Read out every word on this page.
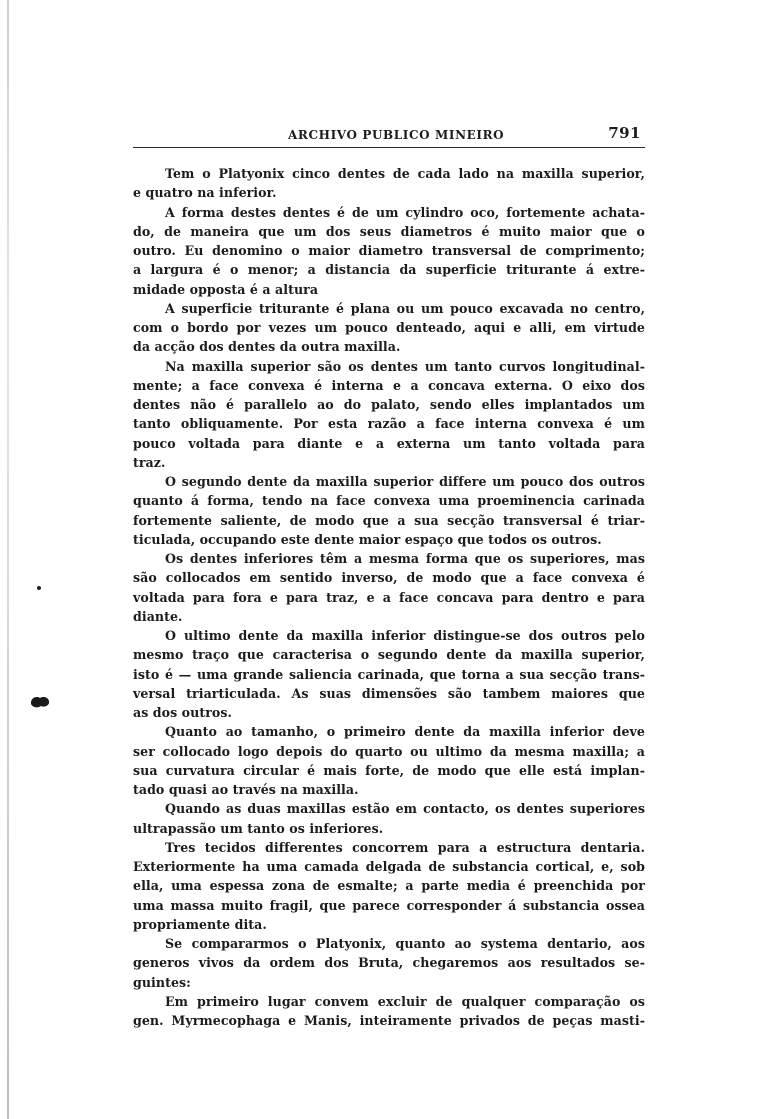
ARCHIVO PUBLICO MINEIRO	791
Tem o Platyonix cinco dentes de cada lado na maxilla superior,
e quatro na inferior.
A forma destes dentes é de um cylindro oco, fortemente achata-
do, de maneira que um dos seus diametros é muito maior que o
outro. Eu denomino o maior diametro transversal de comprimento;
a largura é o menor; a distancia da superficie triturante á extre-
midade opposta é a altura
A superficie triturante é plana ou um pouco excavada no centro,
com o bordo por vezes um pouco denteado, aqui e alli, em virtude
da acção dos dentes da outra maxilla.
Na maxilla superior são os dentes um tanto curvos longitudinal-
mente; a face convexa é interna e a concava externa. O eixo dos
dentes não é parallelo ao do palato, sendo elles implantados um
tanto obliquamente. Por esta razão a face interna convexa é um
pouco voltada para diante e a externa um tanto voltada para
traz.
O segundo dente da maxilla superior differe um pouco dos outros
quanto á forma, tendo na face convexa uma proeminencia carinada
fortemente saliente, de modo que a sua secção transversal é triar-
ticulada, occupando este dente maior espaço que todos os outros.
Os dentes inferiores têm a mesma forma que os superiores, mas
são collocados em sentido inverso, de modo que a face convexa é
voltada para fora e para traz, e a face concava para dentro e para
diante.
O ultimo dente da maxilla inferior distingue-se dos outros pelo
mesmo traço que caracterisa o segundo dente da maxilla superior,
isto é — uma grande saliencia carinada, que torna a sua secção trans-
versal triarticulada. As suas dimensões são tambem maiores que
as dos outros.
Quanto ao tamanho, o primeiro dente da maxilla inferior deve
ser collocado logo depois do quarto ou ultimo da mesma maxilla; a
sua curvatura circular é mais forte, de modo que elle está implan-
tado quasi ao través na maxilla.
Quando as duas maxillas estão em contacto, os dentes superiores
ultrapassão um tanto os inferiores.
Tres tecidos differentes concorrem para a estructura dentaria.
Exteriormente ha uma camada delgada de substancia cortical, e, sob
ella, uma espessa zona de esmalte; a parte media é preenchida por
uma massa muito fragil, que parece corresponder á substancia ossea
propriamente dita.
Se compararmos o Platyonix, quanto ao systema dentario, aos
generos vivos da ordem dos Bruta, chegaremos aos resultados se-
guintes:
Em primeiro lugar convem excluir de qualquer comparação os
gen. Myrmecophaga e Manis, inteiramente privados de peças masti-
